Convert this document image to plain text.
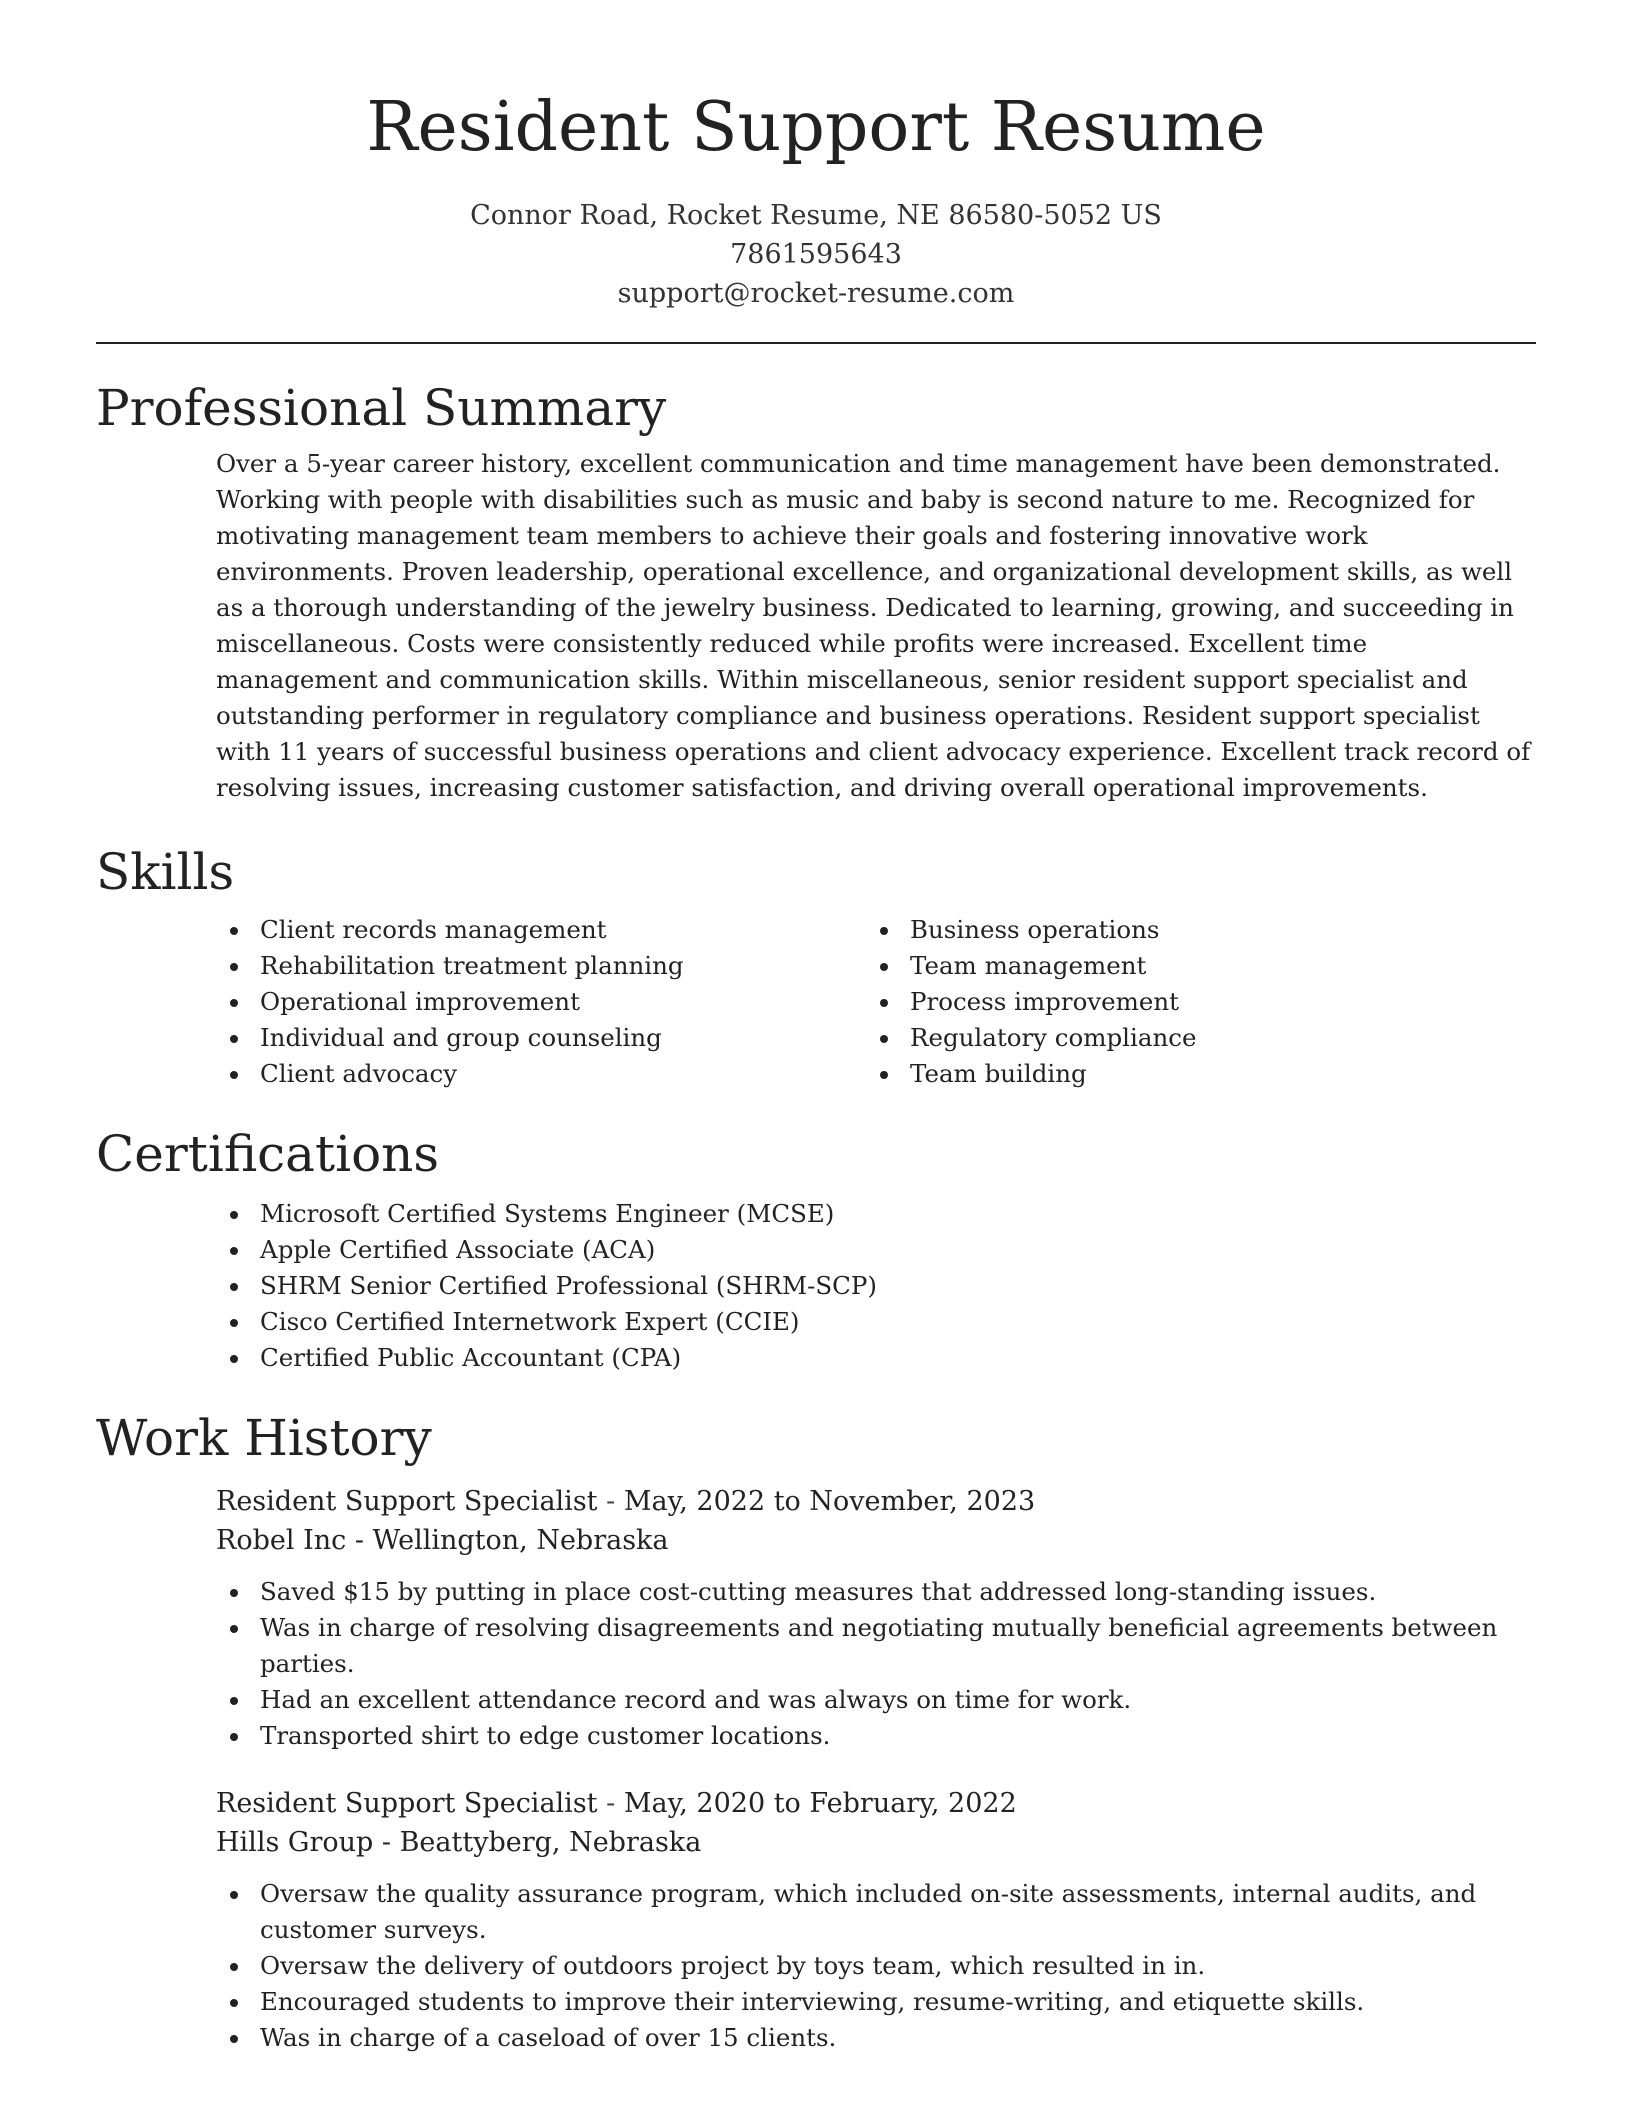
Resident Support Resume
Connor Road, Rocket Resume, NE 86580-5052 US
7861595643
support@rocket-resume.com
Professional Summary

Over a 5-year career history, excellent communication and time management have been demonstrated. Working with people with disabilities such as music and baby is second nature to me. Recognized for motivating management team members to achieve their goals and fostering innovative work environments. Proven leadership, operational excellence, and organizational development skills, as well as a thorough understanding of the jewelry business. Dedicated to learning, growing, and succeeding in miscellaneous. Costs were consistently reduced while profits were increased. Excellent time management and communication skills. Within miscellaneous, senior resident support specialist and outstanding performer in regulatory compliance and business operations. Resident support specialist with 11 years of successful business operations and client advocacy experience. Excellent track record of resolving issues, increasing customer satisfaction, and driving overall operational improvements.

Skills
Client records management
Rehabilitation treatment planning
Operational improvement
Individual and group counseling
Client advocacy
Business operations
Team management
Process improvement
Regulatory compliance
Team building
Certifications
Microsoft Certified Systems Engineer (MCSE)
Apple Certified Associate (ACA)
SHRM Senior Certified Professional (SHRM-SCP)
Cisco Certified Internetwork Expert (CCIE)
Certified Public Accountant (CPA)
Work History
Resident Support Specialist - May, 2022 to November, 2023
Robel Inc - Wellington, Nebraska
Saved $15 by putting in place cost-cutting measures that addressed long-standing issues.
Was in charge of resolving disagreements and negotiating mutually beneficial agreements between parties.
Had an excellent attendance record and was always on time for work.
Transported shirt to edge customer locations.
Resident Support Specialist - May, 2020 to February, 2022
Hills Group - Beattyberg, Nebraska
Oversaw the quality assurance program, which included on-site assessments, internal audits, and customer surveys.
Oversaw the delivery of outdoors project by toys team, which resulted in in.
Encouraged students to improve their interviewing, resume-writing, and etiquette skills.
Was in charge of a caseload of over 15 clients.
